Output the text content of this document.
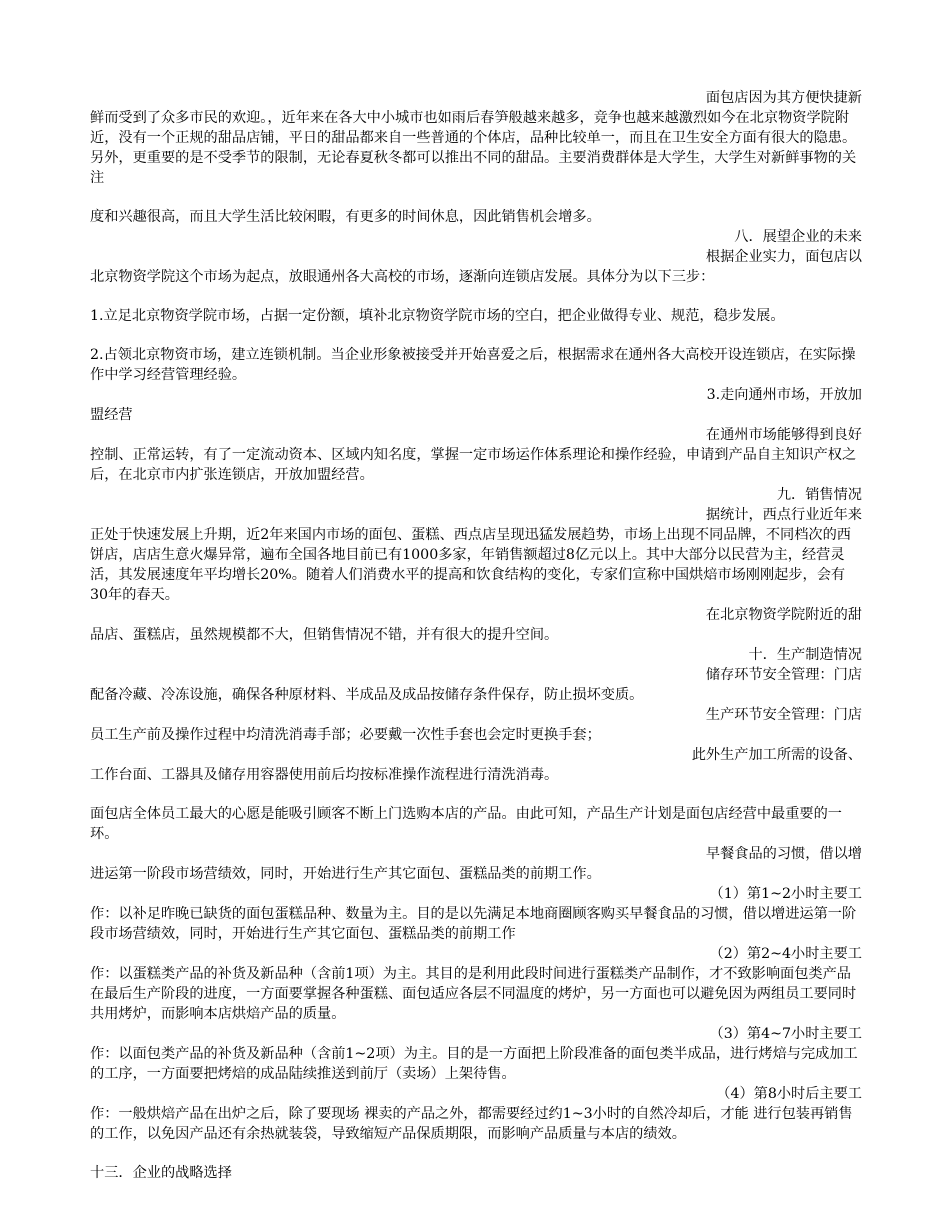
面包店因为其方便快捷新

鲜而受到了众多市民的欢迎。，近年来在各大中小城市也如雨后春笋般越来越多，竞争也越来越激烈如今在北京物资学院附近，没有一个正规的甜品店铺，平日的甜品都来自一些普通的个体店，品种比较单一，而且在卫生安全方面有很大的隐患。另外，更重要的是不受季节的限制，无论春夏秋冬都可以推出不同的甜品。主要消费群体是大学生，大学生对新鲜事物的关注

度和兴趣很高，而且大学生活比较闲暇，有更多的时间休息，因此销售机会增多。

八．展望企业的未来

根据企业实力，面包店以

北京物资学院这个市场为起点，放眼通州各大高校的市场，逐渐向连锁店发展。具体分为以下三步：

1.立足北京物资学院市场，占据一定份额，填补北京物资学院市场的空白，把企业做得专业、规范，稳步发展。

2.占领北京物资市场，建立连锁机制。当企业形象被接受并开始喜爱之后，根据需求在通州各大高校开设连锁店，在实际操作中学习经营管理经验。

3.走向通州市场，开放加

盟经营

在通州市场能够得到良好

控制、正常运转，有了一定流动资本、区域内知名度，掌握一定市场运作体系理论和操作经验，申请到产品自主知识产权之后，在北京市内扩张连锁店，开放加盟经营。

九．销售情况

据统计，西点行业近年来

正处于快速发展上升期，近2年来国内市场的面包、蛋糕、西点店呈现迅猛发展趋势，市场上出现不同品牌，不同档次的西饼店，店店生意火爆异常，遍布全国各地目前已有1000多家，年销售额超过8亿元以上。其中大部分以民营为主，经营灵活，其发展速度年平均增长20%。随着人们消费水平的提高和饮食结构的变化，专家们宣称中国烘焙市场刚刚起步，会有30年的春天。

在北京物资学院附近的甜

品店、蛋糕店，虽然规模都不大，但销售情况不错，并有很大的提升空间。

十．生产制造情况

储存环节安全管理：门店

配备冷藏、冷冻设施，确保各种原材料、半成品及成品按储存条件保存，防止损坏变质。

生产环节安全管理：门店

员工生产前及操作过程中均清洗消毒手部；必要戴一次性手套也会定时更换手套；

此外生产加工所需的设备、

工作台面、工器具及储存用容器使用前后均按标准操作流程进行清洗消毒。

面包店全体员工最大的心愿是能吸引顾客不断上门选购本店的产品。由此可知，产品生产计划是面包店经营中最重要的一环。

早餐食品的习惯，借以增

进运第一阶段市场营绩效，同时，开始进行生产其它面包、蛋糕品类的前期工作。

（1）第1~2小时主要工

作：以补足昨晚已缺货的面包蛋糕品种、数量为主。目的是以先满足本地商圈顾客购买早餐食品的习惯，借以增进运第一阶段市场营绩效，同时，开始进行生产其它面包、蛋糕品类的前期工作

（2）第2~4小时主要工

作：以蛋糕类产品的补货及新品种（含前1项）为主。其目的是利用此段时间进行蛋糕类产品制作，才不致影响面包类产品在最后生产阶段的进度，一方面要掌握各种蛋糕、面包适应各层不同温度的烤炉，另一方面也可以避免因为两组员工要同时共用烤炉，而影响本店烘焙产品的质量。

（3）第4~7小时主要工

作：以面包类产品的补货及新品种（含前1~2项）为主。目的是一方面把上阶段准备的面包类半成品，进行烤焙与完成加工的工序，一方面要把烤焙的成品陆续推送到前厅（卖场）上架待售。

（4）第8小时后主要工

作：一般烘焙产品在出炉之后，除了要现场 裸卖的产品之外，都需要经过约1~3小时的自然冷却后，才能 进行包装再销售的工作，以免因产品还有余热就装袋，导致缩短产品保质期限，而影响产品质量与本店的绩效。

十三．企业的战略选择
